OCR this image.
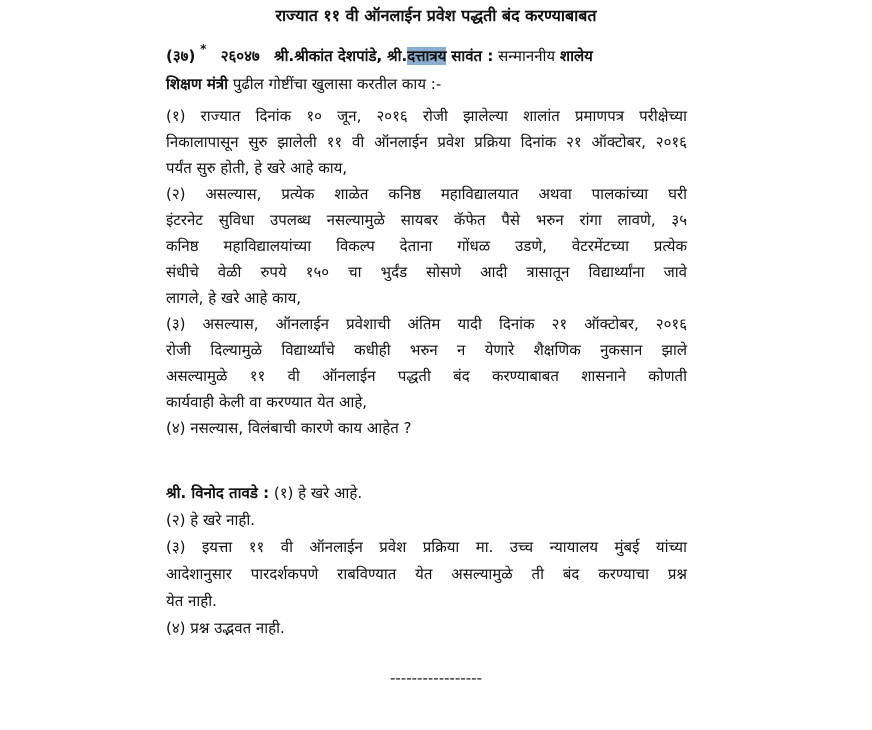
राज्यात ११ वी ऑनलाईन प्रवेश पद्धती बंद करण्याबाबत
(३७) * २६०४७ श्री.श्रीकांत देशपांडे, श्री.दत्तात्रय सावंत : सन्माननीय शालेय
शिक्षण मंत्री पुढील गोष्टींचा खुलासा करतील काय :-
(१) राज्यात दिनांक १० जून, २०१६ रोजी झालेल्या शालांत प्रमाणपत्र परीक्षेच्या
निकालापासून सुरु झालेली ११ वी ऑनलाईन प्रवेश प्रक्रिया दिनांक २१ ऑक्टोबर, २०१६
पर्यंत सुरु होती, हे खरे आहे काय,
(२) असल्यास, प्रत्येक शाळेत कनिष्ठ महाविद्यालयात अथवा पालकांच्या घरी
इंटरनेट सुविधा उपलब्ध नसल्यामुळे सायबर कॅफेत पैसे भरुन रांगा लावणे, ३५
कनिष्ठ महाविद्यालयांच्या विकल्प देताना गोंधळ उडणे, वेटरमेंटच्या प्रत्येक
संधीचे वेळी रुपये १५० चा भुर्दंड सोसणे आदी त्रासातून विद्यार्थ्यांना जावे
लागले, हे खरे आहे काय,
(३) असल्यास, ऑनलाईन प्रवेशाची अंतिम यादी दिनांक २१ ऑक्टोबर, २०१६
रोजी दिल्यामुळे विद्यार्थ्यांचे कधीही भरुन न येणारे शैक्षणिक नुकसान झाले
असल्यामुळे ११ वी ऑनलाईन पद्धती बंद करण्याबाबत शासनाने कोणती
कार्यवाही केली वा करण्यात येत आहे,
(४) नसल्यास, विलंबाची कारणे काय आहेत ?
श्री. विनोद तावडे : (१) हे खरे आहे.
(२) हे खरे नाही.
(३) इयत्ता ११ वी ऑनलाईन प्रवेश प्रक्रिया मा. उच्च न्यायालय मुंबई यांच्या
आदेशानुसार पारदर्शकपणे राबविण्यात येत असल्यामुळे ती बंद करण्याचा प्रश्न
येत नाही.
(४) प्रश्न उद्भवत नाही.
-----------------
